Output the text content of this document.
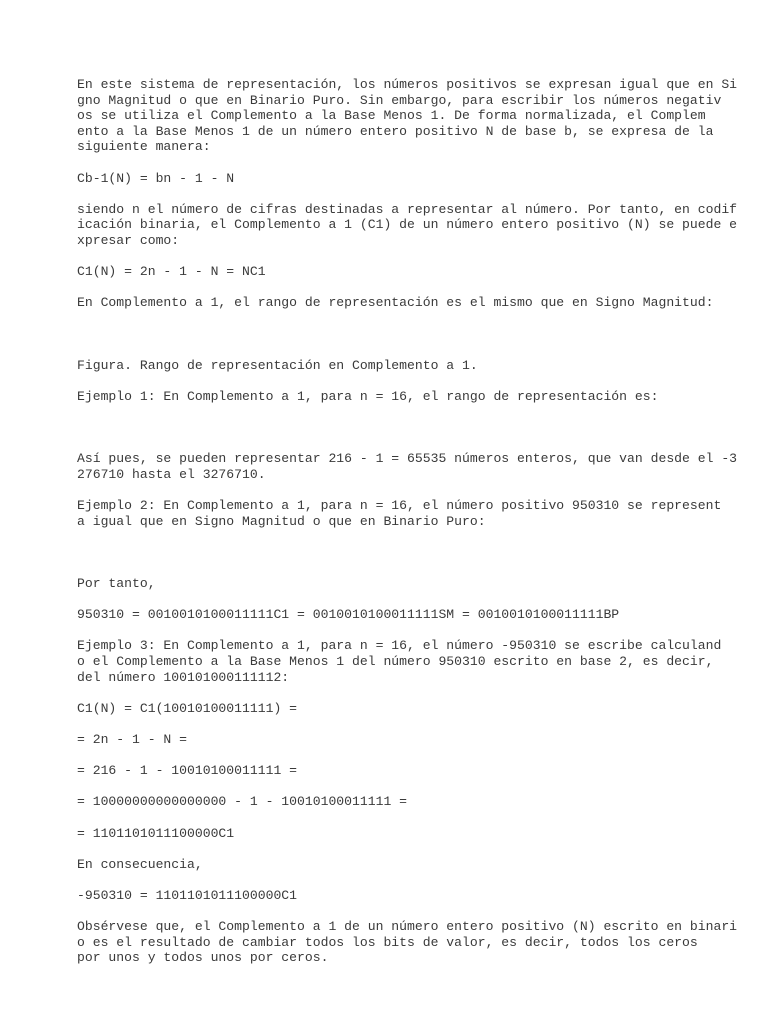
En este sistema de representación, los números positivos se expresan igual que en Si
gno Magnitud o que en Binario Puro. Sin embargo, para escribir los números negativ
os se utiliza el Complemento a la Base Menos 1. De forma normalizada, el Complem
ento a la Base Menos 1 de un número entero positivo N de base b, se expresa de la
siguiente manera:

Cb-1(N) = bn - 1 - N

siendo n el número de cifras destinadas a representar al número. Por tanto, en codif
icación binaria, el Complemento a 1 (C1) de un número entero positivo (N) se puede e
xpresar como:

C1(N) = 2n - 1 - N = NC1

En Complemento a 1, el rango de representación es el mismo que en Signo Magnitud:

Figura. Rango de representación en Complemento a 1.

Ejemplo 1: En Complemento a 1, para n = 16, el rango de representación es:

Así pues, se pueden representar 216 - 1 = 65535 números enteros, que van desde el -3
276710 hasta el 3276710.

Ejemplo 2: En Complemento a 1, para n = 16, el número positivo 950310 se represent
a igual que en Signo Magnitud o que en Binario Puro:

Por tanto,

950310 = 0010010100011111C1 = 0010010100011111SM = 0010010100011111BP

Ejemplo 3: En Complemento a 1, para n = 16, el número -950310 se escribe calculand
o el Complemento a la Base Menos 1 del número 950310 escrito en base 2, es decir,
del número 100101000111112:

C1(N) = C1(10010100011111) =

= 2n - 1 - N =

= 216 - 1 - 10010100011111 =

= 10000000000000000 - 1 - 10010100011111 =

= 1101101011100000C1

En consecuencia,

-950310 = 1101101011100000C1

Obsérvese que, el Complemento a 1 de un número entero positivo (N) escrito en binari
o es el resultado de cambiar todos los bits de valor, es decir, todos los ceros
por unos y todos unos por ceros.
